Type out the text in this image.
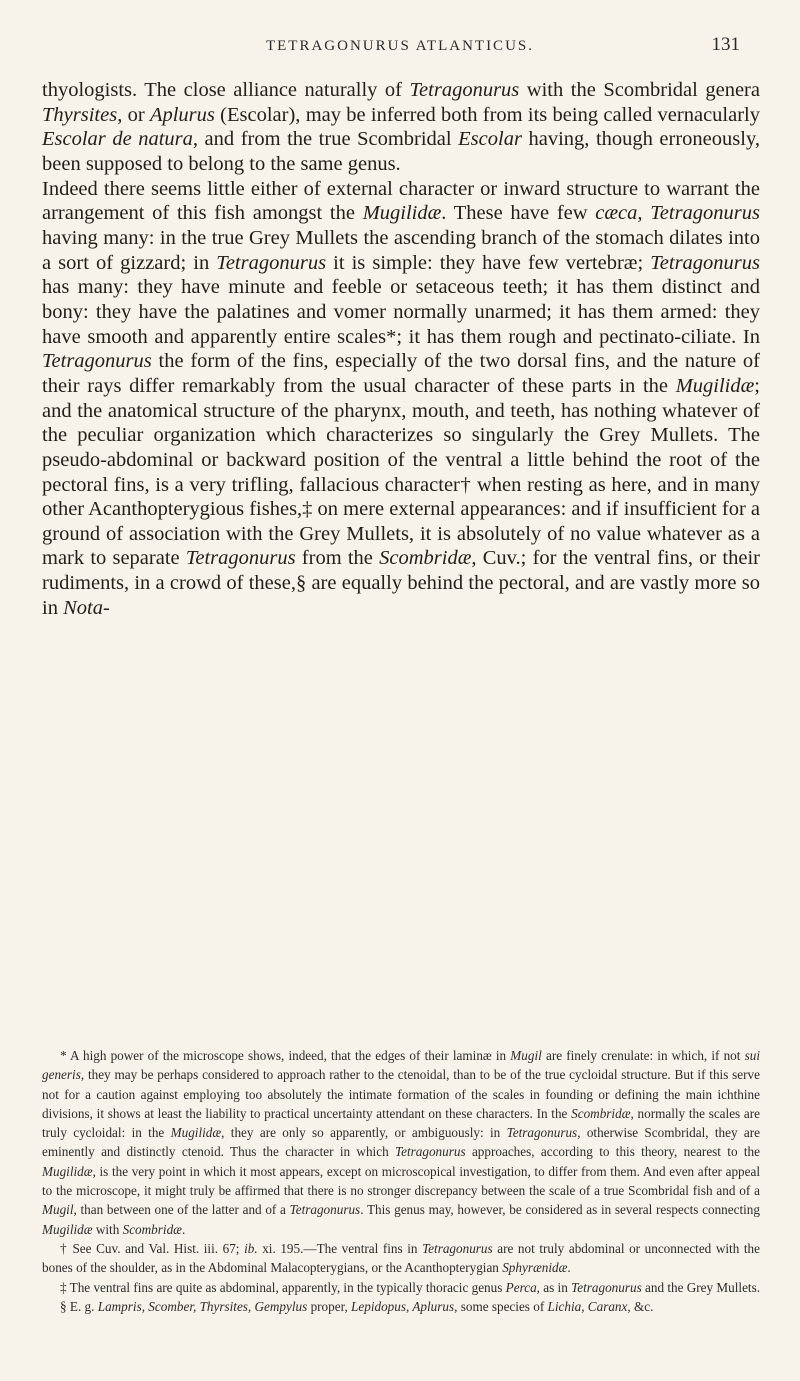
TETRAGONURUS ATLANTICUS.	131

thyologists. The close alliance naturally of Tetragonurus with the Scombridal genera Thyrsites, or Aplurus (Escolar), may be inferred both from its being called vernacularly Escolar de natura, and from the true Scombridal Escolar having, though erroneously, been supposed to belong to the same genus.

Indeed there seems little either of external character or inward structure to warrant the arrangement of this fish amongst the Mugilidæ. These have few cæca, Tetragonurus having many: in the true Grey Mullets the ascending branch of the stomach dilates into a sort of gizzard; in Tetragonurus it is simple: they have few vertebræ; Tetragonurus has many: they have minute and feeble or setaceous teeth; it has them distinct and bony: they have the palatines and vomer normally unarmed; it has them armed: they have smooth and apparently entire scales*; it has them rough and pectinato-ciliate. In Tetragonurus the form of the fins, especially of the two dorsal fins, and the nature of their rays differ remarkably from the usual character of these parts in the Mugilidæ; and the anatomical structure of the pharynx, mouth, and teeth, has nothing whatever of the peculiar organization which characterizes so singularly the Grey Mullets. The pseudo-abdominal or backward position of the ventral a little behind the root of the pectoral fins, is a very trifling, fallacious character† when resting as here, and in many other Acanthopterygious fishes,‡ on mere external appearances: and if insufficient for a ground of association with the Grey Mullets, it is absolutely of no value whatever as a mark to separate Tetragonurus from the Scombridæ, Cuv.; for the ventral fins, or their rudiments, in a crowd of these,§ are equally behind the pectoral, and are vastly more so in Nota-

* A high power of the microscope shows, indeed, that the edges of their laminæ in Mugil are finely crenulate: in which, if not sui generis, they may be perhaps considered to approach rather to the ctenoidal, than to be of the true cycloidal structure. But if this serve not for a caution against employing too absolutely the intimate formation of the scales in founding or defining the main ichthine divisions, it shows at least the liability to practical uncertainty attendant on these characters. In the Scombridæ, normally the scales are truly cycloidal: in the Mugilidæ, they are only so apparently, or ambiguously: in Tetragonurus, otherwise Scombridal, they are eminently and distinctly ctenoid. Thus the character in which Tetragonurus approaches, according to this theory, nearest to the Mugilidæ, is the very point in which it most appears, except on microscopical investigation, to differ from them. And even after appeal to the microscope, it might truly be affirmed that there is no stronger discrepancy between the scale of a true Scombridal fish and of a Mugil, than between one of the latter and of a Tetragonurus. This genus may, however, be considered as in several respects connecting Mugilidæ with Scombridæ.

† See Cuv. and Val. Hist. iii. 67; ib. xi. 195.—The ventral fins in Tetragonurus are not truly abdominal or unconnected with the bones of the shoulder, as in the Abdominal Malacopterygians, or the Acanthopterygian Sphyrænidæ.

‡ The ventral fins are quite as abdominal, apparently, in the typically thoracic genus Perca, as in Tetragonurus and the Grey Mullets.

§ E. g. Lampris, Scomber, Thyrsites, Gempylus proper, Lepidopus, Aplurus, some species of Lichia, Caranx, &c.
